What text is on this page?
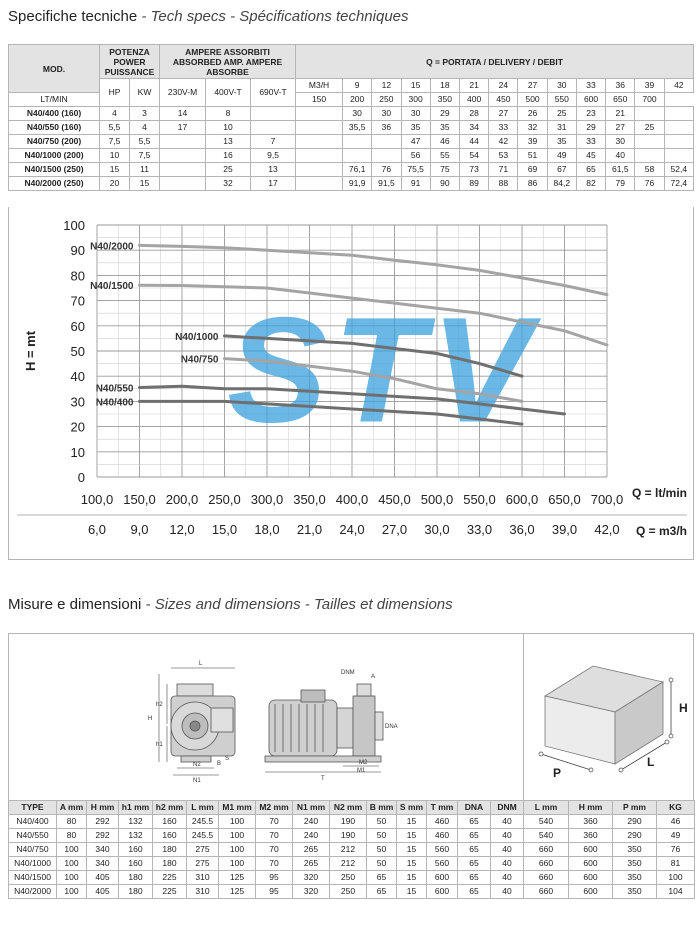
Specifiche tecniche - Tech specs - Spécifications techniques
MOD.	POTENZA POWER PUISSANCE		AMPERE ASSORBITI ABSORBED AMP. AMPERE ABSORBE			Q = PORTATA / DELIVERY / DEBIT												
	HP	KW	230V-M	400V-T	690V-T	M3/H	9	12	15	18	21	24	27	30	33	36	39	42
LT/MIN						150	200	250	300	350	400	450	500	550	600	650	700	
N40/400 (160)	4	3	14	8			30	30	30	29	28	27	26	25	23	21		
N40/550 (160)	5,5	4	17	10			35,5	36	35	35	34	33	32	31	29	27	25	
N40/750 (200)	7,5	5,5		13	7				47	46	44	42	39	35	33	30		
N40/1000 (200)	10	7,5		16	9,5				56	55	54	53	51	49	45	40		
N40/1500 (250)	15	11		25	13		76,1	76	75,5	75	73	71	69	67	65	61,5	58	52,4
N40/2000 (250)	20	15		32	17		91,9	91,5	91	90	89	88	86	84,2	82	79	76	72,4
STV
0
10
20
30
40
50
60
70
80
90
100
H = mt
100,0
6,0
150,0
9,0
200,0
12,0
250,0
15,0
300,0
18,0
350,0
21,0
400,0
24,0
450,0
27,0
500,0
30,0
550,0
33,0
600,0
36,0
650,0
39,0
700,0
42,0
Q = lt/min
Q = m3/h
N40/2000
N40/1500
N40/1000
N40/750
N40/550
N40/400
Misure e dimensioni - Sizes and dimensions - Tailles et dimensions
L
H
h1
h2
N1
N2
S
B
T
DNM
A
DNA
M1
M2
H
L
P
TYPE	A mm	H mm	h1 mm	h2 mm	L mm	M1 mm	M2 mm	N1 mm	N2 mm	B mm	S mm	T mm	DNA	DNM	L mm	H mm	P mm	KG
N40/400	80	292	132	160	245.5	100	70	240	190	50	15	460	65	40	540	360	290	46
N40/550	80	292	132	160	245.5	100	70	240	190	50	15	460	65	40	540	360	290	49
N40/750	100	340	160	180	275	100	70	265	212	50	15	560	65	40	660	600	350	76
N40/1000	100	340	160	180	275	100	70	265	212	50	15	560	65	40	660	600	350	81
N40/1500	100	405	180	225	310	125	95	320	250	65	15	600	65	40	660	600	350	100
N40/2000	100	405	180	225	310	125	95	320	250	65	15	600	65	40	660	600	350	104
